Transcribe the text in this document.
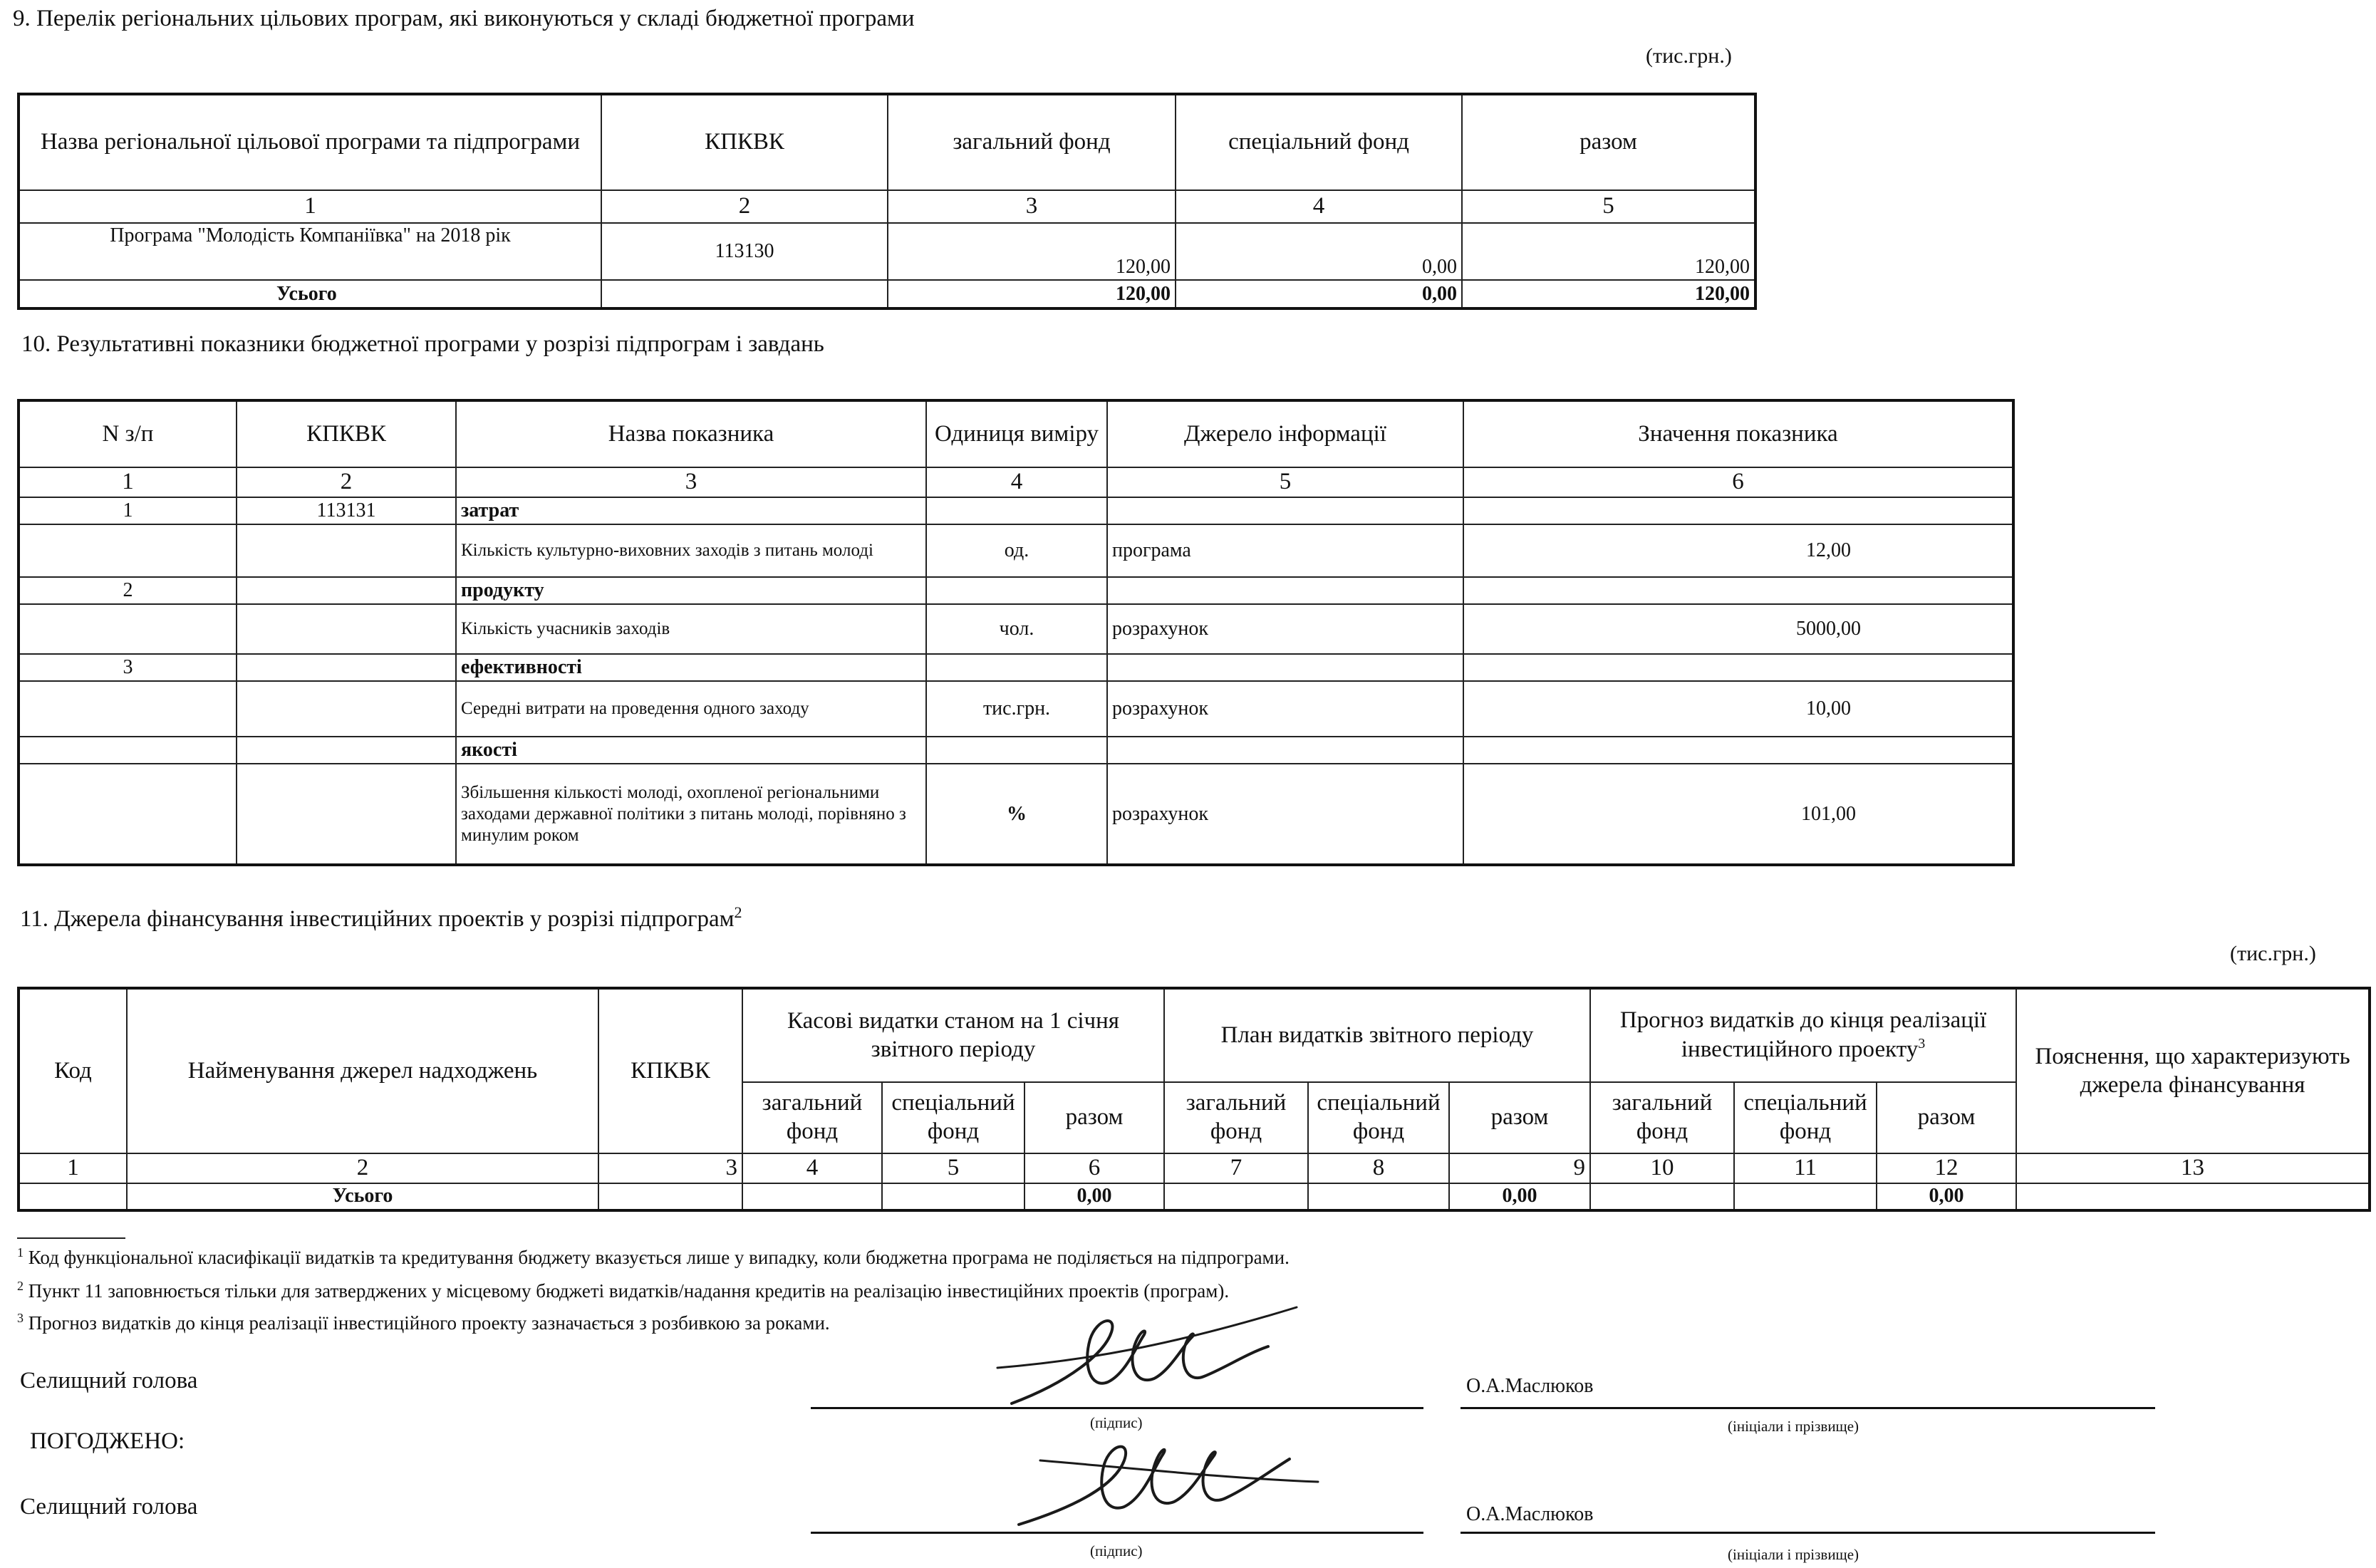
9. Перелік регіональних цільових програм, які виконуються у складі бюджетної програми
(тис.грн.)
Назва регіональної цільової програми та підпрограми	КПКВК	загальний фонд	спеціальний фонд	разом
1	2	3	4	5
Програма "Молодість Компаніївка" на 2018 рік	113130	120,00	0,00	120,00
Усього		120,00	0,00	120,00
10. Результативні показники бюджетної програми у розрізі підпрограм і завдань
N з/п	КПКВК	Назва показника	Одиниця виміру	Джерело інформації	Значення показника
1	2	3	4	5	6
1	113131	затрат			
		Кількість культурно-виховних заходів з питань молоді	од.	програма	12,00
2		продукту			
		Кількість учасників заходів	чол.	розрахунок	5000,00
3		ефективності			
		Середні витрати на проведення одного заходу	тис.грн.	розрахунок	10,00
		якості			
		Збільшення кількості молоді, охопленої регіональними заходами державної політики з питань молоді, порівняно з минулим роком	%	розрахунок	101,00
11. Джерела фінансування інвестиційних проектів у розрізі підпрограм$^2$
(тис.грн.)
Код	Найменування джерел надходжень	КПКВК	Касові видатки станом на 1 січня звітного періоду			План видатків звітного періоду			Прогноз видатків до кінця реалізації інвестиційного проекту$^3$			Пояснення, що характеризують джерела фінансування
			загальний фонд	спеціальний фонд	разом	загальний фонд	спеціальний фонд	разом	загальний фонд	спеціальний фонд	разом	
1	2	3	4	5	6	7	8	9	10	11	12	13
	Усього				0,00			0,00			0,00	
$^1$ Код функціональної класифікації видатків та кредитування бюджету вказується лише у випадку, коли бюджетна програма не поділяється на підпрограми.
$^2$ Пункт 11 заповнюється тільки для затверджених у місцевому бюджеті видатків/надання кредитів на реалізацію інвестиційних проектів (програм).
$^3$ Прогноз видатків до кінця реалізації інвестиційного проекту зазначається з розбивкою за роками.
Селищний голова
ПОГОДЖЕНО:
Селищний голова
О.А.Маслюков
О.А.Маслюков
(підпис)	(ініціали і прізвище)
(підпис)	(ініціали і прізвище)
